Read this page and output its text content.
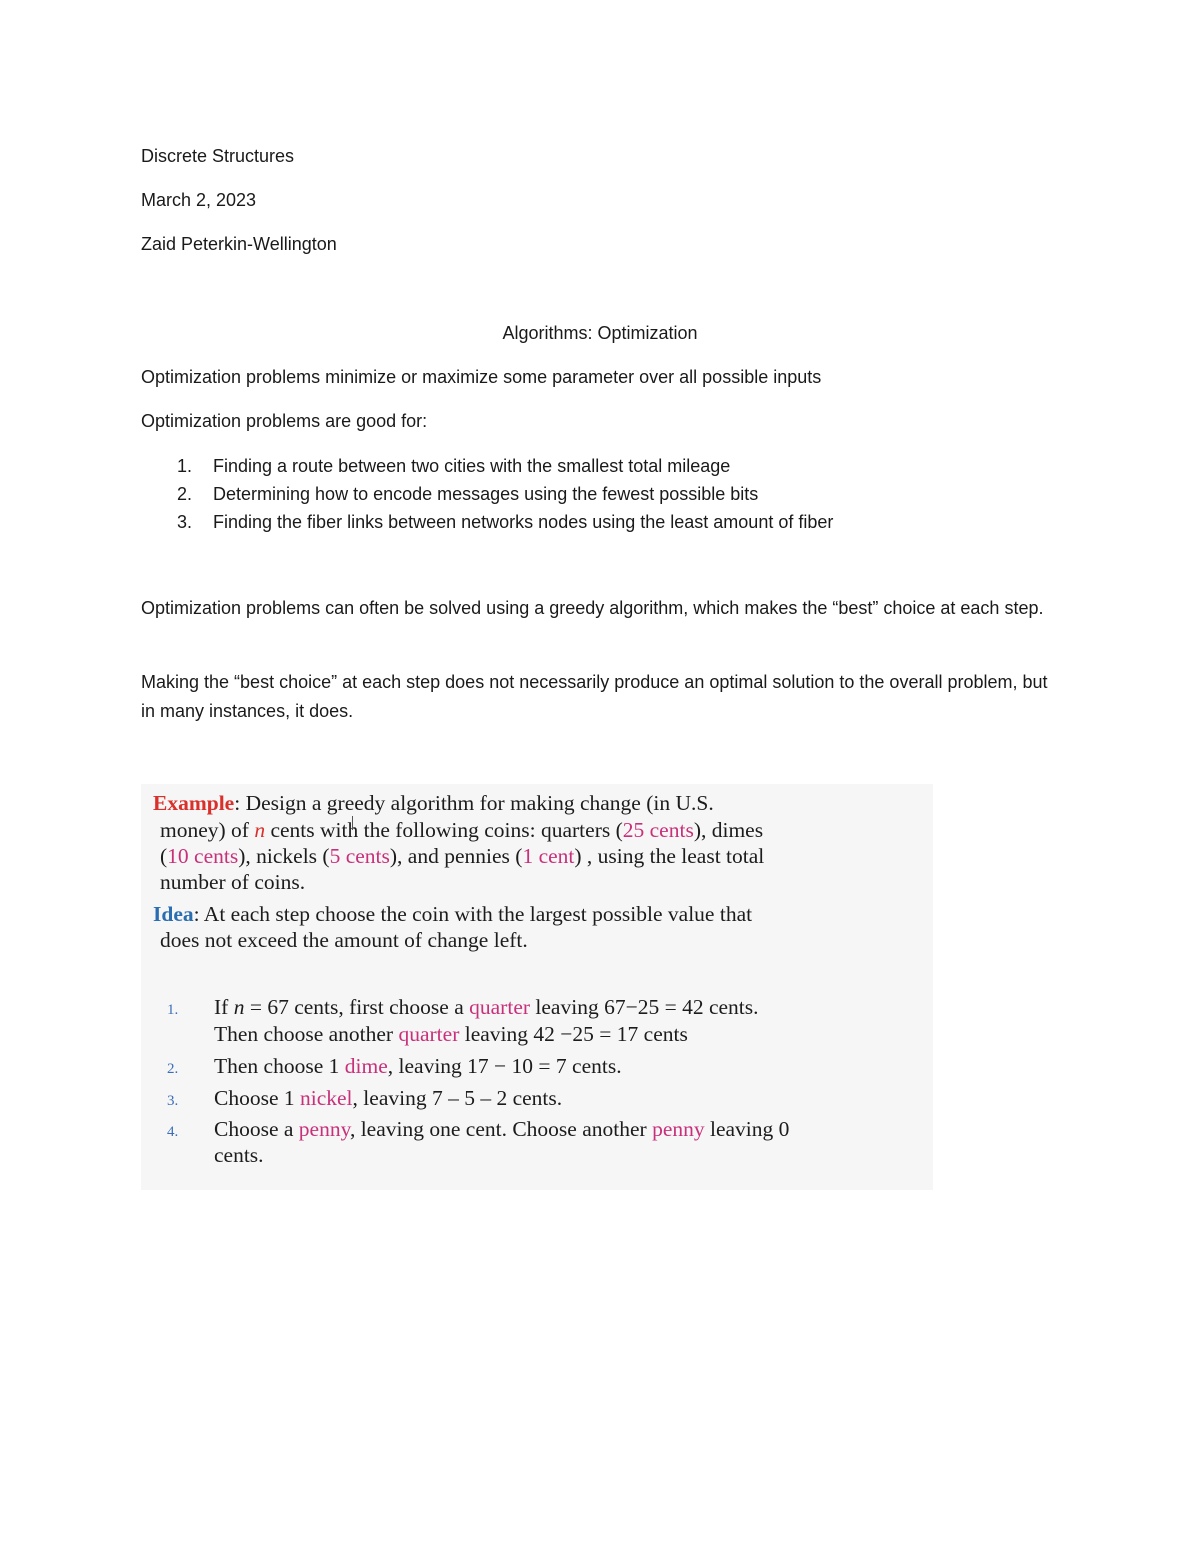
Discrete Structures
March 2, 2023
Zaid Peterkin-Wellington
Algorithms: Optimization
Optimization problems minimize or maximize some parameter over all possible inputs
Optimization problems are good for:
1. Finding a route between two cities with the smallest total mileage
2. Determining how to encode messages using the fewest possible bits
3. Finding the fiber links between networks nodes using the least amount of fiber
Optimization problems can often be solved using a greedy algorithm, which makes the “best” choice at each step.
Making the “best choice” at each step does not necessarily produce an optimal solution to the overall problem, but in many instances, it does.
Example: Design a greedy algorithm for making change (in U.S.
money) of n cents with the following coins: quarters (25 cents), dimes
(10 cents), nickels (5 cents), and pennies (1 cent) , using the least total
number of coins.
Idea: At each step choose the coin with the largest possible value that
does not exceed the amount of change left.
1. If n = 67 cents, first choose a quarter leaving 67−25 = 42 cents.
Then choose another quarter leaving 42 −25 = 17 cents
2. Then choose 1 dime, leaving 17 − 10 = 7 cents.
3. Choose 1 nickel, leaving 7 – 5 – 2 cents.
4. Choose a penny, leaving one cent. Choose another penny leaving 0
cents.
